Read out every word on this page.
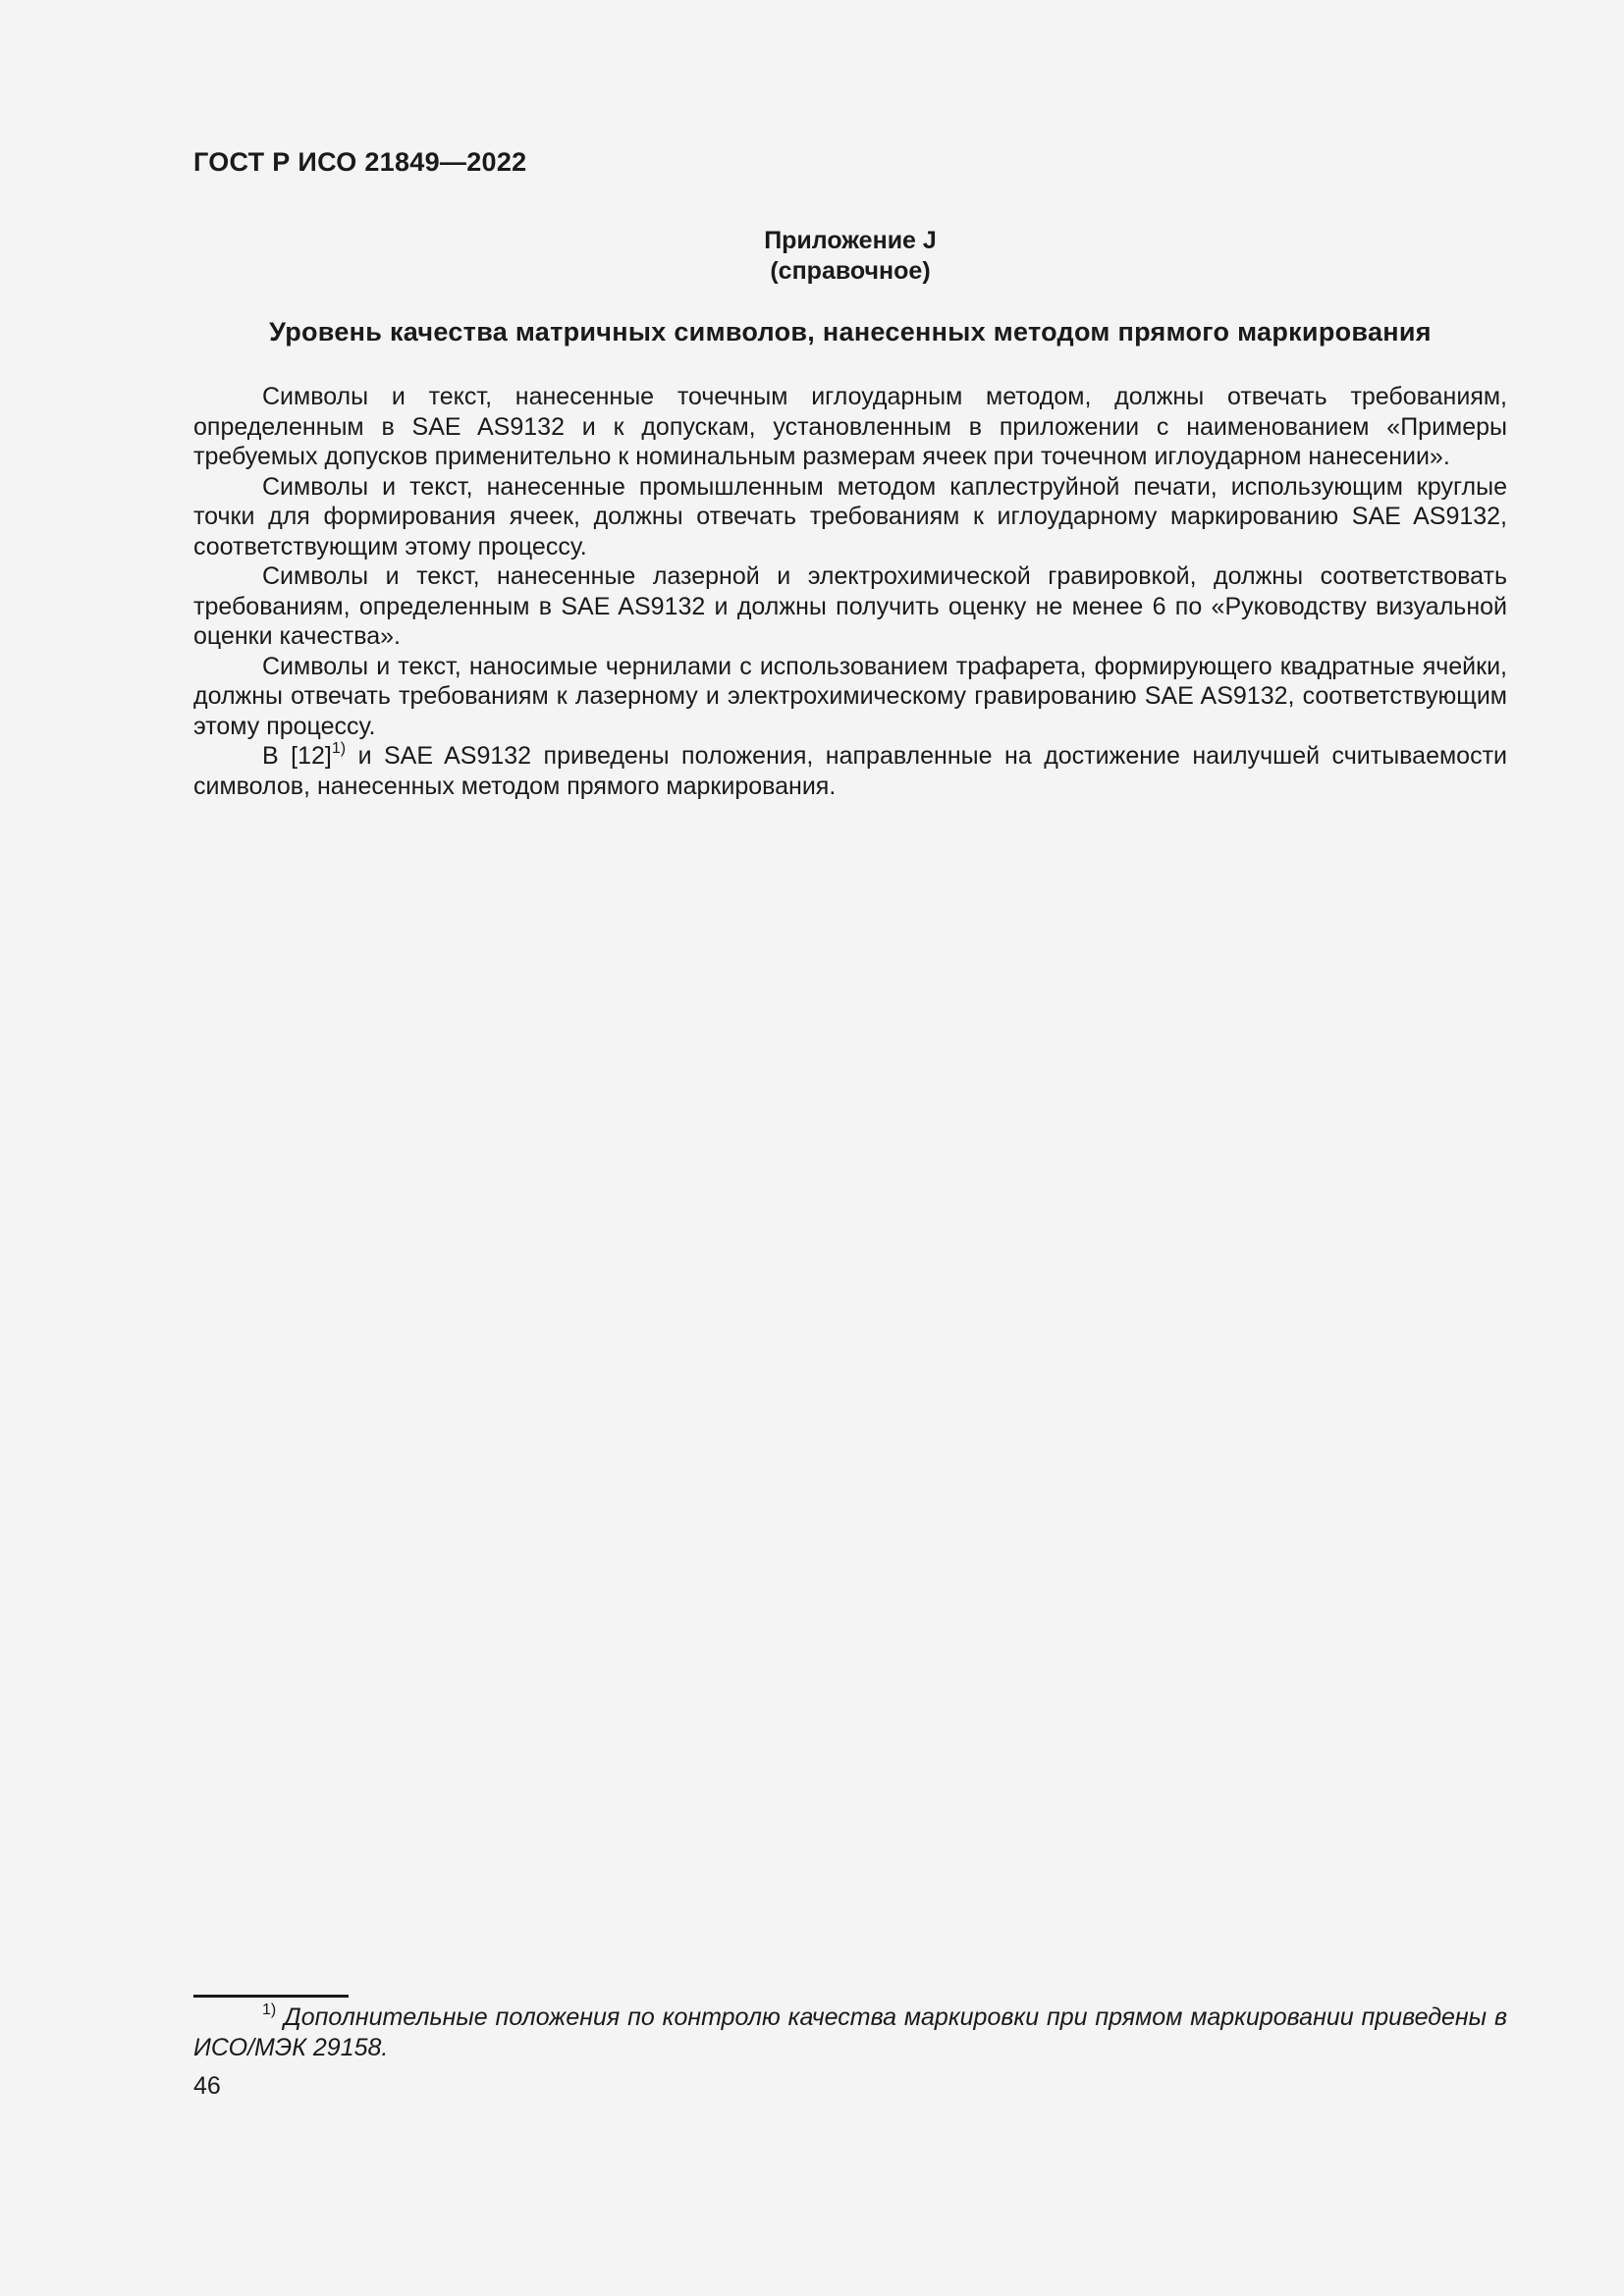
ГОСТ Р ИСО 21849—2022
Приложение J
(справочное)
Уровень качества матричных символов, нанесенных методом прямого маркирования

Символы и текст, нанесенные точечным иглоударным методом, должны отвечать требованиям, определенным в SAE AS9132 и к допускам, установленным в приложении с наименованием «Примеры требуемых допусков применительно к номинальным размерам ячеек при точечном иглоударном нанесении».

Символы и текст, нанесенные промышленным методом каплеструйной печати, использующим круглые точки для формирования ячеек, должны отвечать требованиям к иглоударному маркированию SAE AS9132, соответствующим этому процессу.

Символы и текст, нанесенные лазерной и электрохимической гравировкой, должны соответствовать требованиям, определенным в SAE AS9132 и должны получить оценку не менее 6 по «Руководству визуальной оценки качества».

Символы и текст, наносимые чернилами с использованием трафарета, формирующего квадратные ячейки, должны отвечать требованиям к лазерному и электрохимическому гравированию SAE AS9132, соответствующим этому процессу.

В $[12]^{1)}$ и SAE AS9132 приведены положения, направленные на достижение наилучшей считываемости символов, нанесенных методом прямого маркирования.

$^{1)}$ Дополнительные положения по контролю качества маркировки при прямом маркировании приведены в ИСО/МЭК 29158.

46
